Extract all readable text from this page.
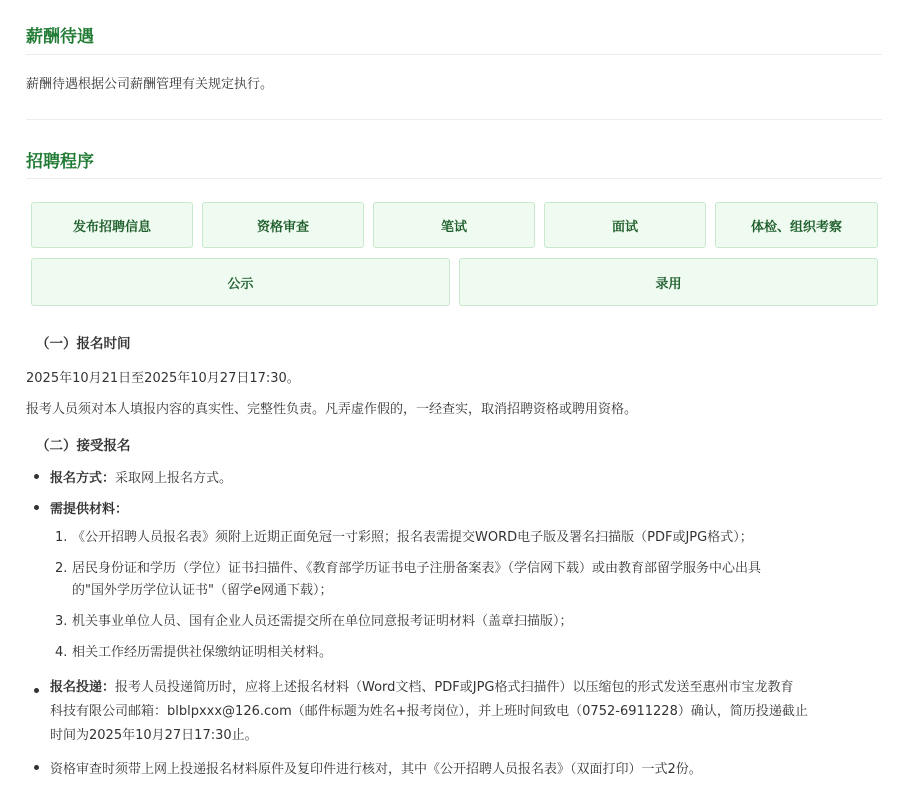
薪酬待遇
薪酬待遇根据公司薪酬管理有关规定执行。
招聘程序
发布招聘信息	资格审查	笔试	面试	体检、组织考察
公示	录用
（一）报名时间
2025年10月21日至2025年10月27日17:30。
报考人员须对本人填报内容的真实性、完整性负责。凡弄虚作假的，一经查实，取消招聘资格或聘用资格。
（二）接受报名
报名方式：采取网上报名方式。
需提供材料：
1. 《公开招聘人员报名表》须附上近期正面免冠一寸彩照；报名表需提交WORD电子版及署名扫描版（PDF或JPG格式）；
2. 居民身份证和学历（学位）证书扫描件、《教育部学历证书电子注册备案表》（学信网下载）或由教育部留学服务中心出具
的"国外学历学位认证书"（留学e网通下载）；
3. 机关事业单位人员、国有企业人员还需提交所在单位同意报考证明材料（盖章扫描版）；
4. 相关工作经历需提供社保缴纳证明相关材料。
报名投递：报考人员投递简历时，应将上述报名材料（Word文档、PDF或JPG格式扫描件）以压缩包的形式发送至惠州市宝龙教育
科技有限公司邮箱：blblpxxx@126.com（邮件标题为姓名+报考岗位），并上班时间致电（0752-6911228）确认，简历投递截止
时间为2025年10月27日17:30止。
资格审查时须带上网上投递报名材料原件及复印件进行核对，其中《公开招聘人员报名表》（双面打印）一式2份。
